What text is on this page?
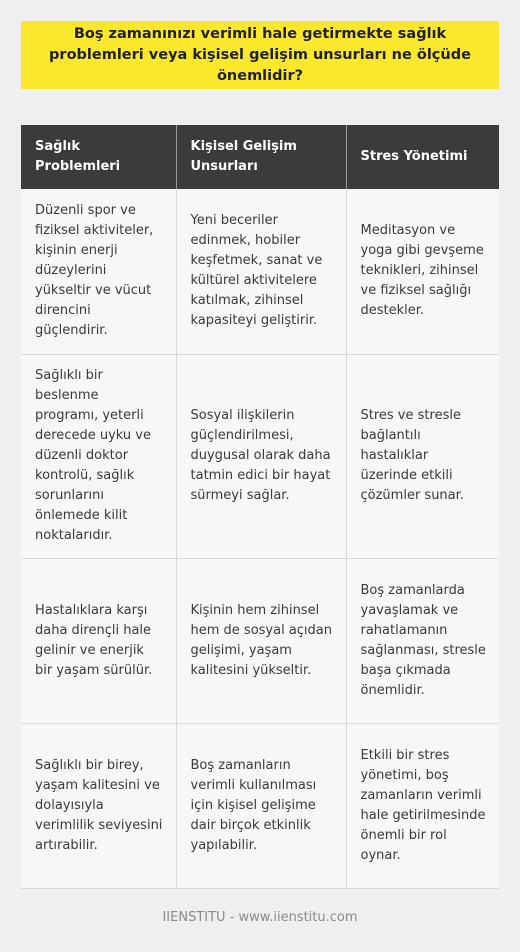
Boş zamanınızı verimli hale getirmekte sağlık problemleri veya kişisel gelişim unsurları ne ölçüde önemlidir?
Sağlık Problemleri	Kişisel Gelişim Unsurları	Stres Yönetimi
Düzenli spor ve fiziksel aktiviteler, kişinin enerji düzeylerini yükseltir ve vücut direncini güçlendirir.	Yeni beceriler edinmek, hobiler keşfetmek, sanat ve kültürel aktivitelere katılmak, zihinsel kapasiteyi geliştirir.	Meditasyon ve yoga gibi gevşeme teknikleri, zihinsel ve fiziksel sağlığı destekler.
Sağlıklı bir beslenme programı, yeterli derecede uyku ve düzenli doktor kontrolü, sağlık sorunlarını önlemede kilit noktalarıdır.	Sosyal ilişkilerin güçlendirilmesi, duygusal olarak daha tatmin edici bir hayat sürmeyi sağlar.	Stres ve stresle bağlantılı hastalıklar üzerinde etkili çözümler sunar.
Hastalıklara karşı daha dirençli hale gelinir ve enerjik bir yaşam sürülür.	Kişinin hem zihinsel hem de sosyal açıdan gelişimi, yaşam kalitesini yükseltir.	Boş zamanlarda yavaşlamak ve rahatlamanın sağlanması, stresle başa çıkmada önemlidir.
Sağlıklı bir birey, yaşam kalitesini ve dolayısıyla verimlilik seviyesini artırabilir.	Boş zamanların verimli kullanılması için kişisel gelişime dair birçok etkinlik yapılabilir.	Etkili bir stres yönetimi, boş zamanların verimli hale getirilmesinde önemli bir rol oynar.
IIENSTITU - www.iienstitu.com
